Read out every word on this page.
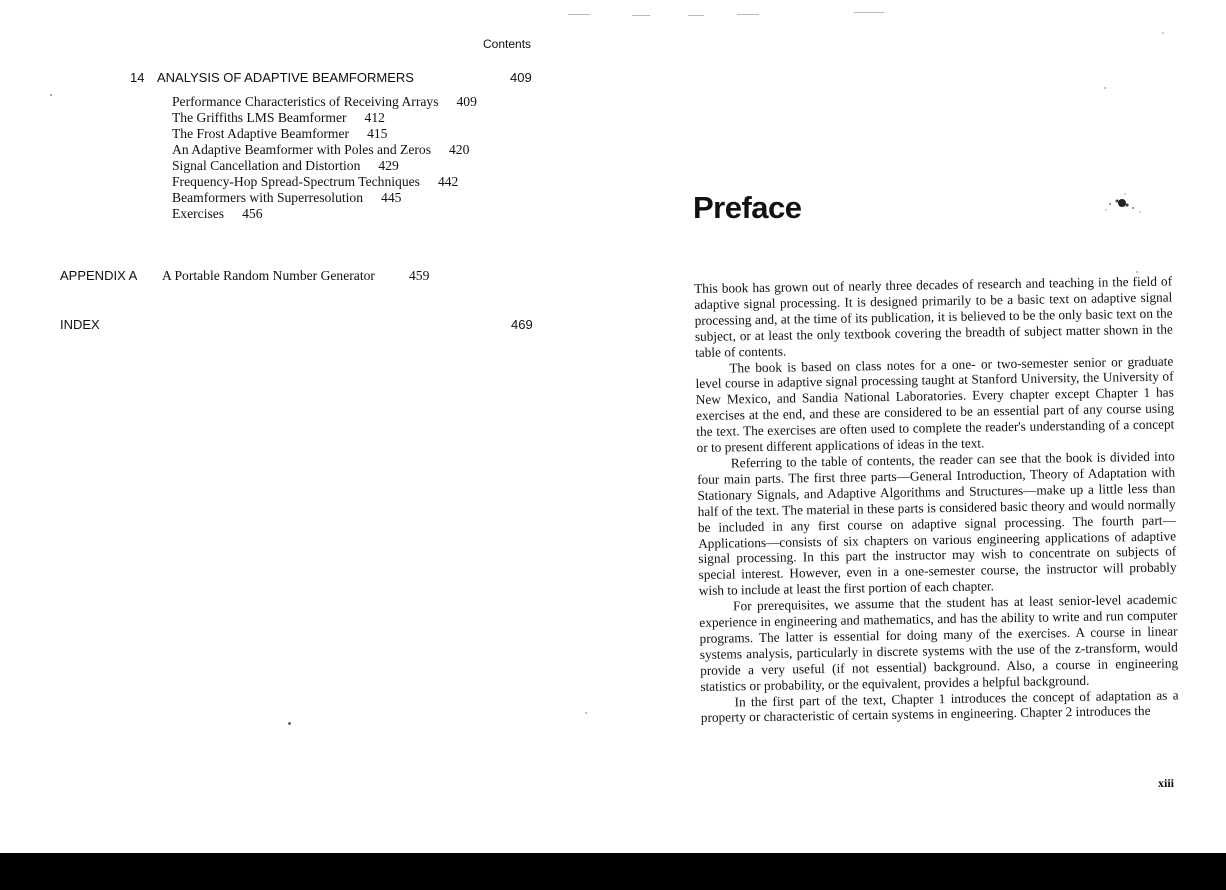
Contents
14 ANALYSIS OF ADAPTIVE BEAMFORMERS	409
Performance Characteristics of Receiving Arrays 409
The Griffiths LMS Beamformer 412
The Frost Adaptive Beamformer 415
An Adaptive Beamformer with Poles and Zeros 420
Signal Cancellation and Distortion 429
Frequency-Hop Spread-Spectrum Techniques 442
Beamformers with Superresolution 445
Exercises 456
APPENDIX A A Portable Random Number Generator	459
INDEX	469
Preface

This book has grown out of nearly three decades of research and teaching in the field of adaptive signal processing. It is designed primarily to be a basic text on adaptive signal processing and, at the time of its publication, it is believed to be the only basic text on the subject, or at least the only textbook covering the breadth of subject matter shown in the table of contents.

The book is based on class notes for a one- or two-semester senior or graduate level course in adaptive signal processing taught at Stanford University, the University of New Mexico, and Sandia National Laboratories. Every chapter except Chapter 1 has exercises at the end, and these are considered to be an essential part of any course using the text. The exercises are often used to complete the reader's understanding of a concept or to present different applications of ideas in the text.

Referring to the table of contents, the reader can see that the book is divided into four main parts. The first three parts—General Introduction, Theory of Adaptation with Stationary Signals, and Adaptive Algorithms and Structures—make up a little less than half of the text. The material in these parts is considered basic theory and would normally be included in any first course on adaptive signal processing. The fourth part—Applications—consists of six chapters on various engineering applications of adaptive signal processing. In this part the instructor may wish to concentrate on subjects of special interest. However, even in a one-semester course, the instructor will probably wish to include at least the first portion of each chapter.

For prerequisites, we assume that the student has at least senior-level academic experience in engineering and mathematics, and has the ability to write and run computer programs. The latter is essential for doing many of the exercises. A course in linear systems analysis, particularly in discrete systems with the use of the z-transform, would provide a very useful (if not essential) background. Also, a course in engineering statistics or probability, or the equivalent, provides a helpful background.

In the first part of the text, Chapter 1 introduces the concept of adaptation as a property or characteristic of certain systems in engineering. Chapter 2 introduces the

xiii
